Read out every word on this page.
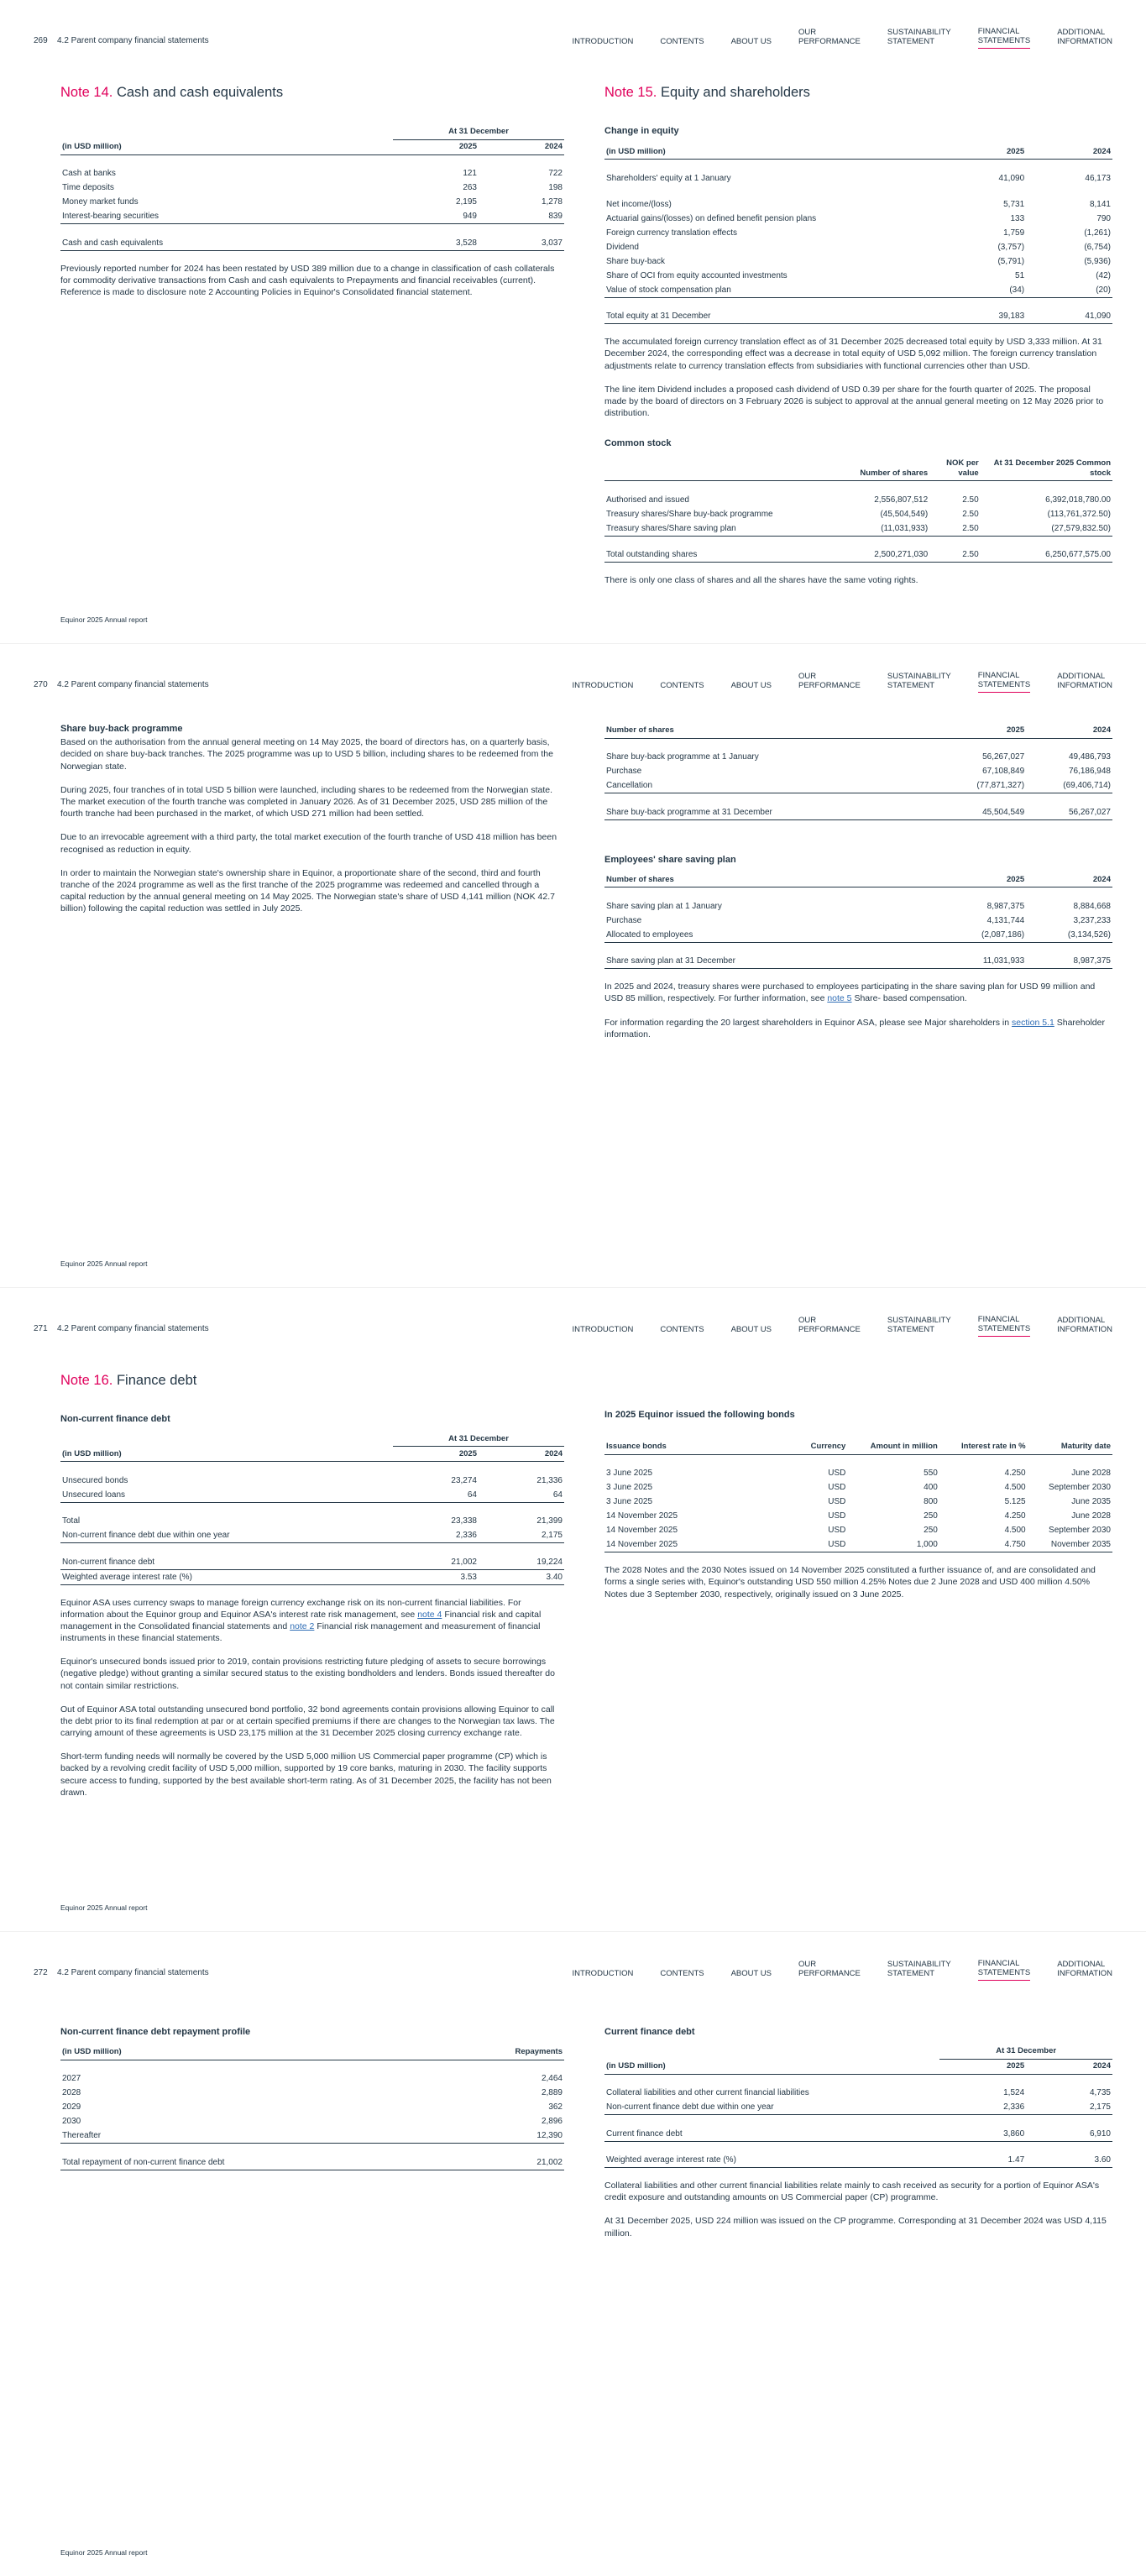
269 4.2 Parent company financial statements	INTRODUCTION	CONTENTS	ABOUT US
OUR
PERFORMANCE
SUSTAINABILITY
STATEMENT
FINANCIAL
STATEMENTS
ADDITIONAL
INFORMATION
Note 14. Cash and cash equivalents
	At 31 December	
(in USD million)	2025	2024

Cash at banks	121	722
Time deposits	263	198
Money market funds	2,195	1,278
Interest-bearing securities	949	839

Cash and cash equivalents	3,528	3,037

Previously reported number for 2024 has been restated by USD 389 million due to a change in classification of cash collaterals for commodity derivative transactions from Cash and cash equivalents to Prepayments and financial receivables (current). Reference is made to disclosure note 2 Accounting Policies in Equinor's Consolidated financial statement.

Note 15. Equity and shareholders
Change in equity
(in USD million)	2025	2024

Shareholders' equity at 1 January	41,090	46,173

Net income/(loss)	5,731	8,141
Actuarial gains/(losses) on defined benefit pension plans	133	790
Foreign currency translation effects	1,759	(1,261)
Dividend	(3,757)	(6,754)
Share buy-back	(5,791)	(5,936)
Share of OCI from equity accounted investments	51	(42)
Value of stock compensation plan	(34)	(20)

Total equity at 31 December	39,183	41,090

The accumulated foreign currency translation effect as of 31 December 2025 decreased total equity by USD 3,333 million. At 31 December 2024, the corresponding effect was a decrease in total equity of USD 5,092 million. The foreign currency translation adjustments relate to currency translation effects from subsidiaries with functional currencies other than USD.

The line item Dividend includes a proposed cash dividend of USD 0.39 per share for the fourth quarter of 2025. The proposal made by the board of directors on 3 February 2026 is subject to approval at the annual general meeting on 12 May 2026 prior to distribution.

Common stock
	Number of shares	NOK per value	At 31 December 2025 Common stock

Authorised and issued	2,556,807,512	2.50	6,392,018,780.00
Treasury shares/Share buy-back programme	(45,504,549)	2.50	(113,761,372.50)
Treasury shares/Share saving plan	(11,031,933)	2.50	(27,579,832.50)

Total outstanding shares	2,500,271,030	2.50	6,250,677,575.00

There is only one class of shares and all the shares have the same voting rights.

Equinor 2025 Annual report
270 4.2 Parent company financial statements	INTRODUCTION	CONTENTS	ABOUT US
OUR
PERFORMANCE
SUSTAINABILITY
STATEMENT
FINANCIAL
STATEMENTS
ADDITIONAL
INFORMATION
Share buy-back programme

Based on the authorisation from the annual general meeting on 14 May 2025, the board of directors has, on a quarterly basis, decided on share buy-back tranches. The 2025 programme was up to USD 5 billion, including shares to be redeemed from the Norwegian state.

During 2025, four tranches of in total USD 5 billion were launched, including shares to be redeemed from the Norwegian state. The market execution of the fourth tranche was completed in January 2026. As of 31 December 2025, USD 285 million of the fourth tranche had been purchased in the market, of which USD 271 million had been settled.

Due to an irrevocable agreement with a third party, the total market execution of the fourth tranche of USD 418 million has been recognised as reduction in equity.

In order to maintain the Norwegian state's ownership share in Equinor, a proportionate share of the second, third and fourth tranche of the 2024 programme as well as the first tranche of the 2025 programme was redeemed and cancelled through a capital reduction by the annual general meeting on 14 May 2025. The Norwegian state's share of USD 4,141 million (NOK 42.7 billion) following the capital reduction was settled in July 2025.

Number of shares	2025	2024

Share buy-back programme at 1 January	56,267,027	49,486,793
Purchase	67,108,849	76,186,948
Cancellation	(77,871,327)	(69,406,714)

Share buy-back programme at 31 December	45,504,549	56,267,027
Employees' share saving plan
Number of shares	2025	2024

Share saving plan at 1 January	8,987,375	8,884,668
Purchase	4,131,744	3,237,233
Allocated to employees	(2,087,186)	(3,134,526)

Share saving plan at 31 December	11,031,933	8,987,375

In 2025 and 2024, treasury shares were purchased to employees participating in the share saving plan for USD 99 million and USD 85 million, respectively. For further information, see note 5 Share- based compensation.

For information regarding the 20 largest shareholders in Equinor ASA, please see Major shareholders in section 5.1 Shareholder information.

Equinor 2025 Annual report
271 4.2 Parent company financial statements	INTRODUCTION	CONTENTS	ABOUT US
OUR
PERFORMANCE
SUSTAINABILITY
STATEMENT
FINANCIAL
STATEMENTS
ADDITIONAL
INFORMATION
Note 16. Finance debt
Non-current finance debt
	At 31 December	
(in USD million)	2025	2024

Unsecured bonds	23,274	21,336
Unsecured loans	64	64

Total	23,338	21,399
Non-current finance debt due within one year	2,336	2,175

Non-current finance debt	21,002	19,224
Weighted average interest rate (%)	3.53	3.40

Equinor ASA uses currency swaps to manage foreign currency exchange risk on its non-current financial liabilities. For information about the Equinor group and Equinor ASA's interest rate risk management, see note 4 Financial risk and capital management in the Consolidated financial statements and note 2 Financial risk management and measurement of financial instruments in these financial statements.

Equinor's unsecured bonds issued prior to 2019, contain provisions restricting future pledging of assets to secure borrowings (negative pledge) without granting a similar secured status to the existing bondholders and lenders. Bonds issued thereafter do not contain similar restrictions.

Out of Equinor ASA total outstanding unsecured bond portfolio, 32 bond agreements contain provisions allowing Equinor to call the debt prior to its final redemption at par or at certain specified premiums if there are changes to the Norwegian tax laws. The carrying amount of these agreements is USD 23,175 million at the 31 December 2025 closing currency exchange rate.

Short-term funding needs will normally be covered by the USD 5,000 million US Commercial paper programme (CP) which is backed by a revolving credit facility of USD 5,000 million, supported by 19 core banks, maturing in 2030. The facility supports secure access to funding, supported by the best available short-term rating. As of 31 December 2025, the facility has not been drawn.

In 2025 Equinor issued the following bonds
Issuance bonds	Currency	Amount in million	Interest rate in %	Maturity date

3 June 2025	USD	550	4.250	June 2028
3 June 2025	USD	400	4.500	September 2030
3 June 2025	USD	800	5.125	June 2035
14 November 2025	USD	250	4.250	June 2028
14 November 2025	USD	250	4.500	September 2030
14 November 2025	USD	1,000	4.750	November 2035

The 2028 Notes and the 2030 Notes issued on 14 November 2025 constituted a further issuance of, and are consolidated and forms a single series with, Equinor's outstanding USD 550 million 4.25% Notes due 2 June 2028 and USD 400 million 4.50% Notes due 3 September 2030, respectively, originally issued on 3 June 2025.

Equinor 2025 Annual report
272 4.2 Parent company financial statements	INTRODUCTION	CONTENTS	ABOUT US
OUR
PERFORMANCE
SUSTAINABILITY
STATEMENT
FINANCIAL
STATEMENTS
ADDITIONAL
INFORMATION
Non-current finance debt repayment profile
(in USD million)	Repayments

2027	2,464
2028	2,889
2029	362
2030	2,896
Thereafter	12,390

Total repayment of non-current finance debt	21,002
Current finance debt
	At 31 December	
(in USD million)	2025	2024

Collateral liabilities and other current financial liabilities	1,524	4,735
Non-current finance debt due within one year	2,336	2,175

Current finance debt	3,860	6,910

Weighted average interest rate (%)	1.47	3.60

Collateral liabilities and other current financial liabilities relate mainly to cash received as security for a portion of Equinor ASA's credit exposure and outstanding amounts on US Commercial paper (CP) programme.

At 31 December 2025, USD 224 million was issued on the CP programme. Corresponding at 31 December 2024 was USD 4,115 million.

Equinor 2025 Annual report
